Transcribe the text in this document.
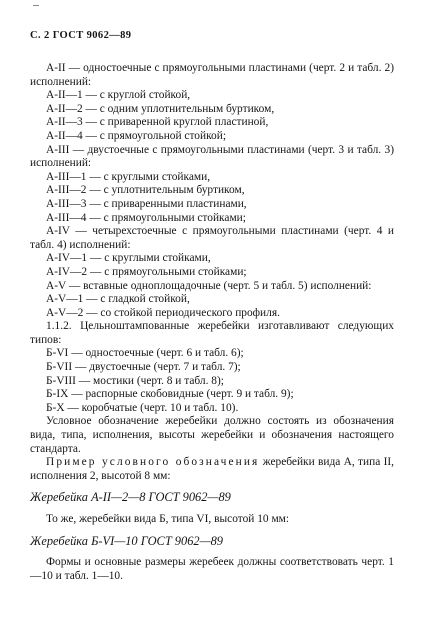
С. 2 ГОСТ 9062—89

А-II — одностоечные с прямоугольными пластинами (черт. 2 и табл. 2) исполнений:

А-II—1 — с круглой стойкой,

А-II—2 — с одним уплотнительным буртиком,

А-II—3 — с приваренной круглой пластиной,

А-II—4 — с прямоугольной стойкой;

А-III — двустоечные с прямоугольными пластинами (черт. 3 и табл. 3) исполнений:

А-III—1 — с круглыми стойками,

А-III—2 — с уплотнительным буртиком,

А-III—3 — с приваренными пластинами,

А-III—4 — с прямоугольными стойками;

А-IV — четырехстоечные с прямоугольными пластинами (черт. 4 и табл. 4) исполнений:

А-IV—1 — с круглыми стойками,

А-IV—2 — с прямоугольными стойками;

А-V — вставные одноплощадочные (черт. 5 и табл. 5) исполнений:

А-V—1 — с гладкой стойкой,

А-V—2 — со стойкой периодического профиля.

1.1.2. Цельноштампованные жеребейки изготавливают следующих типов:

Б-VI — одностоечные (черт. 6 и табл. 6);

Б-VII — двустоечные (черт. 7 и табл. 7);

Б-VIII — мостики (черт. 8 и табл. 8);

Б-IX — распорные скобовидные (черт. 9 и табл. 9);

Б-X — коробчатые (черт. 10 и табл. 10).

Условное обозначение жеребейки должно состоять из обозначения вида, типа, исполнения, высоты жеребейки и обозначения настоящего стандарта.

Пример условного обозначения жеребейки вида А, типа II, исполнения 2, высотой 8 мм:

Жеребейка А-II—2—8 ГОСТ 9062—89

То же, жеребейки вида Б, типа VI, высотой 10 мм:

Жеребейка Б-VI—10 ГОСТ 9062—89

Формы и основные размеры жеребеек должны соответствовать черт. 1—10 и табл. 1—10.
